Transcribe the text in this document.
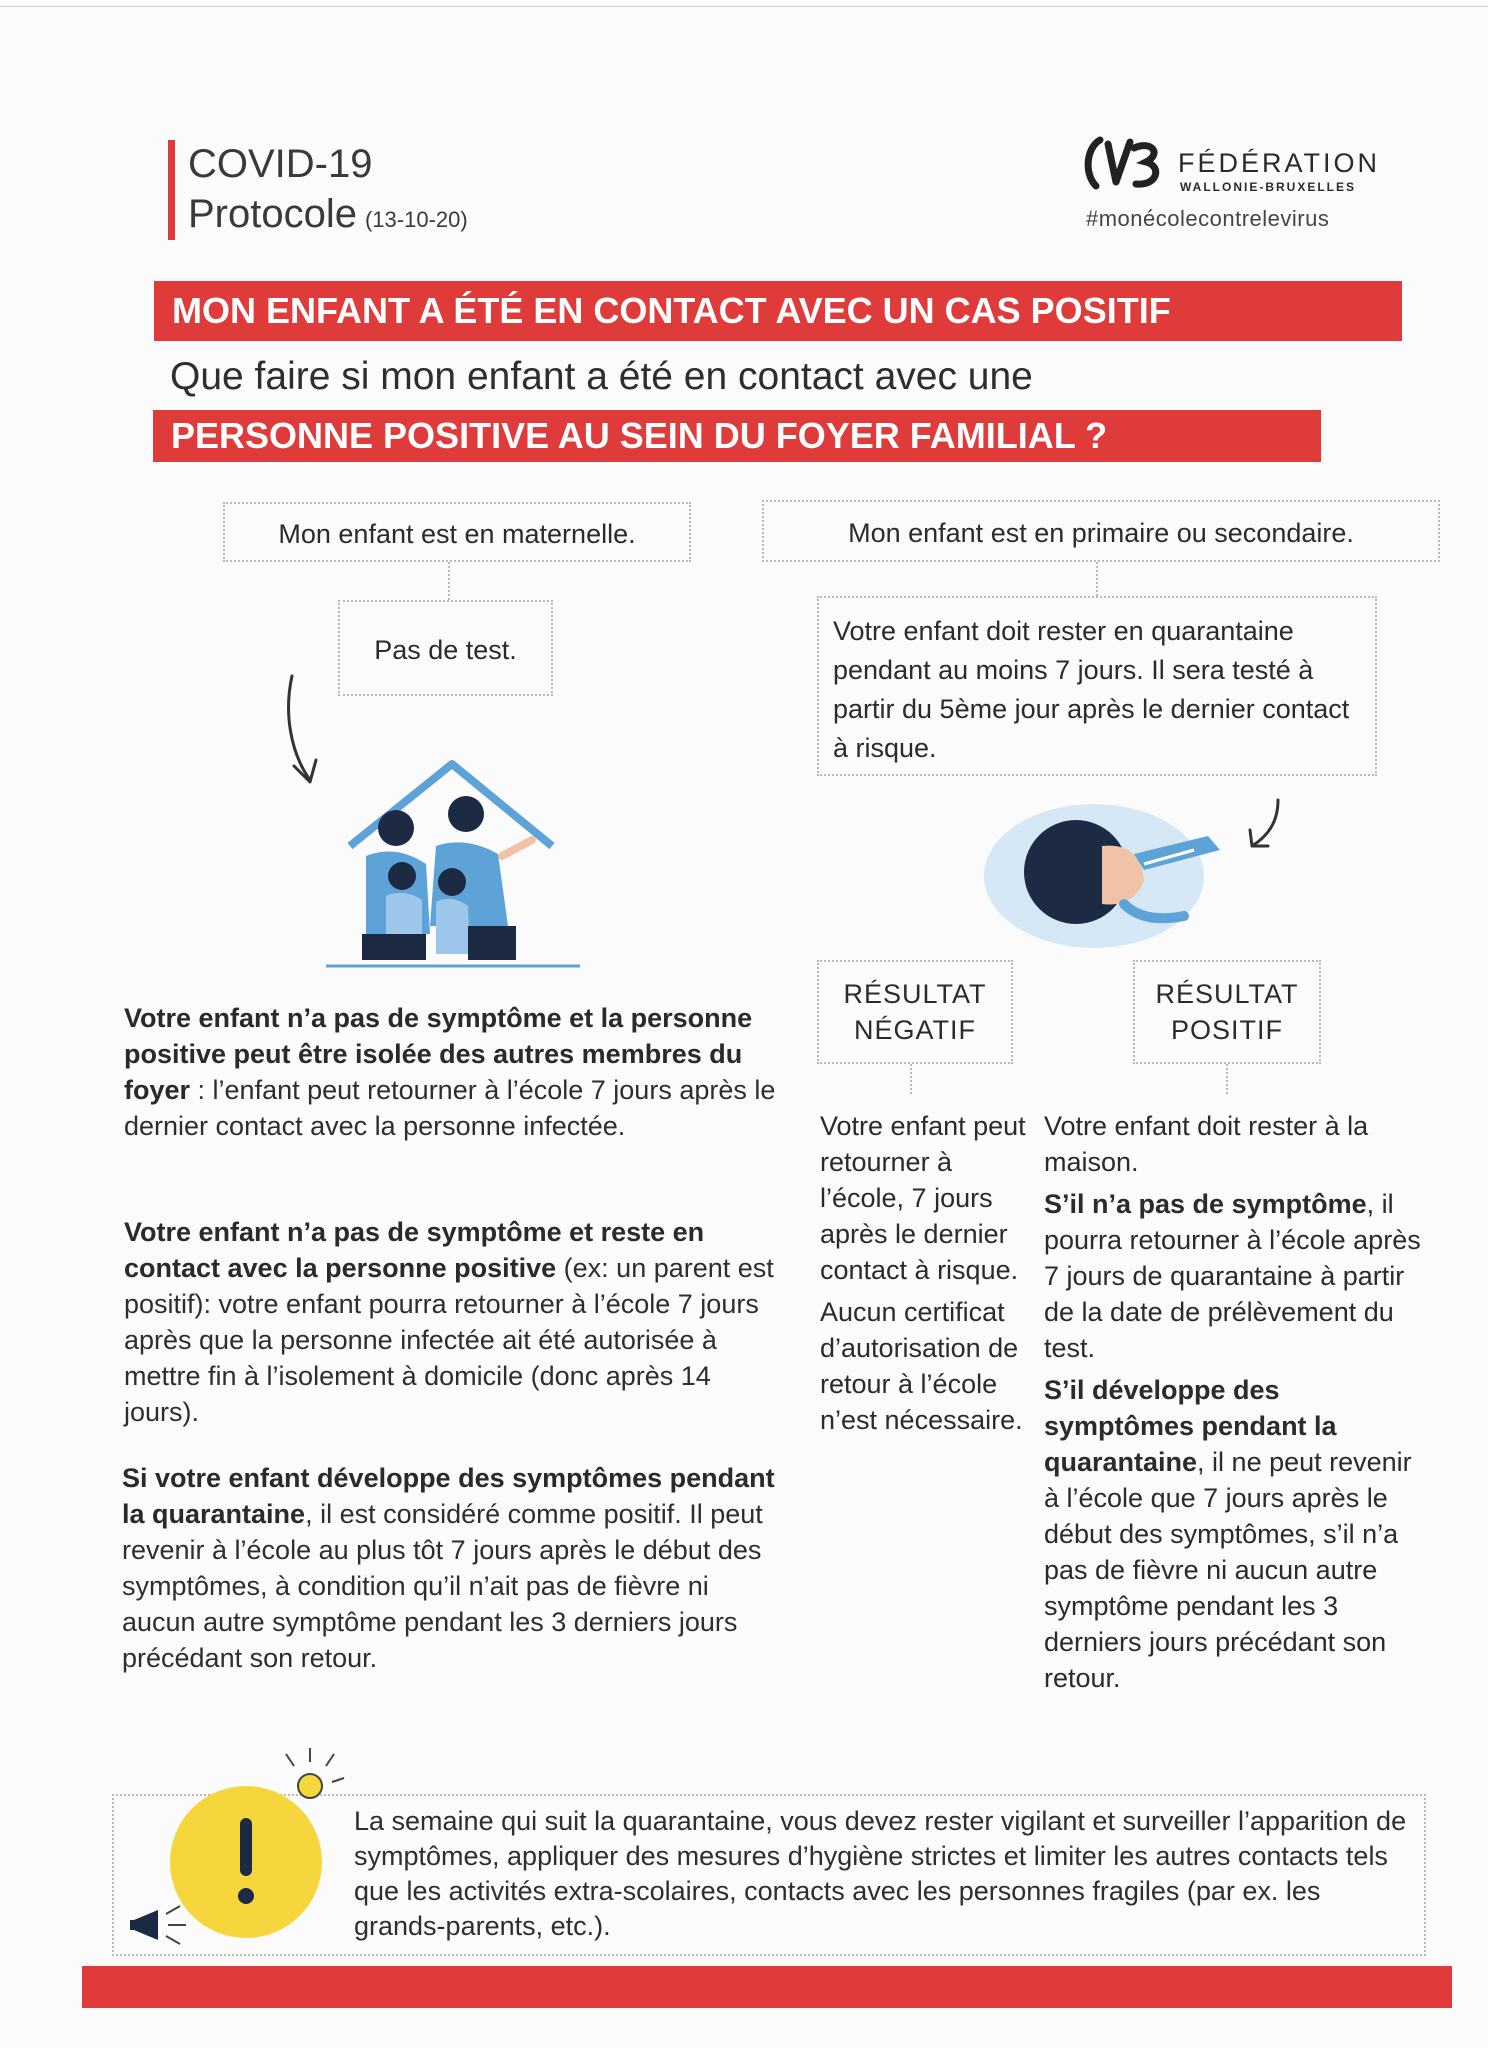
COVID-19
Protocole (13-10-20)
FÉDÉRATION
WALLONIE-BRUXELLES
#monécolecontrelevirus
MON ENFANT A ÉTÉ EN CONTACT AVEC UN CAS POSITIF
Que faire si mon enfant a été en contact avec une
PERSONNE POSITIVE AU SEIN DU FOYER FAMILIAL ?
Mon enfant est en maternelle.
Pas de test.
Votre enfant n’a pas de symptôme et la personne positive peut être isolée des autres membres du foyer : l’enfant peut retourner à l’école 7 jours après le dernier contact avec la personne infectée.
Votre enfant n’a pas de symptôme et reste en contact avec la personne positive (ex: un parent est positif): votre enfant pourra retourner à l’école 7 jours après que la personne infectée ait été autorisée à mettre fin à l’isolement à domicile (donc après 14 jours).
Si votre enfant développe des symptômes pendant la quarantaine, il est considéré comme positif. Il peut revenir à l’école au plus tôt 7 jours après le début des symptômes, à condition qu’il n’ait pas de fièvre ni aucun autre symptôme pendant les 3 derniers jours précédant son retour.
Mon enfant est en primaire ou secondaire.
Votre enfant doit rester en quarantaine pendant au moins 7 jours. Il sera testé à partir du 5ème jour après le dernier contact à risque.
RÉSULTAT
NÉGATIF
RÉSULTAT
POSITIF
Votre enfant peut retourner à l’école, 7 jours après le dernier contact à risque.
Aucun certificat d’autorisation de retour à l’école n’est nécessaire.
Votre enfant doit rester à la maison.
S’il n’a pas de symptôme, il pourra retourner à l’école après 7 jours de quarantaine à partir de la date de prélèvement du test.
S’il développe des symptômes pendant la quarantaine, il ne peut revenir à l’école que 7 jours après le début des symptômes, s’il n’a pas de fièvre ni aucun autre symptôme pendant les 3 derniers jours précédant son retour.
La semaine qui suit la quarantaine, vous devez rester vigilant et surveiller l’apparition de symptômes, appliquer des mesures d’hygiène strictes et limiter les autres contacts tels que les activités extra-scolaires, contacts avec les personnes fragiles (par ex. les grands-parents, etc.).
